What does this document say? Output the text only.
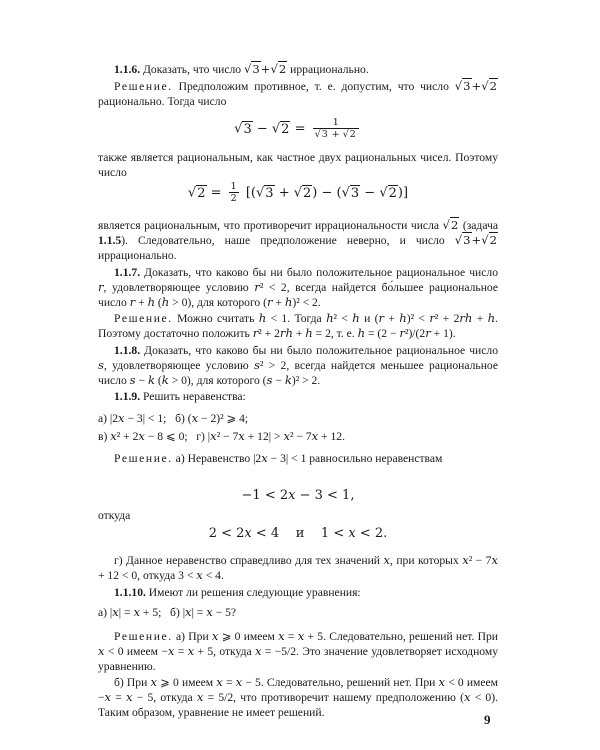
1.1.6. Доказать, что число √3+√2 иррационально.

Решение. Предположим противное, т. е. допустим, что число √3+√2 рационально. Тогда число

$√3 - √2 = \frac{1}{√3 + √2}$

также является рациональным, как частное двух рациональных чисел. Поэтому число

$√2 = \frac{1}{2} [(√3 + √2) - (√3 - √2)]$

является рациональным, что противоречит иррациональности числа √2 (задача 1.1.5). Следовательно, наше предположение неверно, и число √3+√2 иррационально.

1.1.7. Доказать, что каково бы ни было положительное рациональное число r, удовлетворяющее условию r² < 2, всегда найдется бо́льшее рациональное число r + h (h > 0), для которого (r + h)² < 2.

Решение. Можно считать h < 1. Тогда h² < h и (r + h)² < r² + 2rh + h. Поэтому достаточно положить r² + 2rh + h = 2, т. е. h = (2 − r²)/(2r + 1).

1.1.8. Доказать, что каково бы ни было положительное рациональное число s, удовлетворяющее условию s² > 2, всегда найдется меньшее рациональное число s − k (k > 0), для которого (s − k)² > 2.

1.1.9. Решить неравенства:

а) |2x − 3| < 1;   б) (x − 2)² ⩾ 4;

в) x² + 2x − 8 ⩽ 0;   г) |x² − 7x + 12| > x² − 7x + 12.

Решение. а) Неравенство |2x − 3| < 1 равносильно неравенствам

−1 < 2x − 3 < 1,

откуда

2 < 2x < 4    и    1 < x < 2.

г) Данное неравенство справедливо для тех значений x, при которых x² − 7x + 12 < 0, откуда 3 < x < 4.

1.1.10. Имеют ли решения следующие уравнения:

а) |x| = x + 5;   б) |x| = x − 5?

Решение. а) При x ⩾ 0 имеем x = x + 5. Следовательно, решений нет. При x < 0 имеем −x = x + 5, откуда x = −5/2. Это значение удовлетворяет исходному уравнению.

б) При x ⩾ 0 имеем x = x − 5. Следовательно, решений нет. При x < 0 имеем −x = x − 5, откуда x = 5/2, что противоречит нашему предположению (x < 0). Таким образом, уравнение не имеет решений.	9
